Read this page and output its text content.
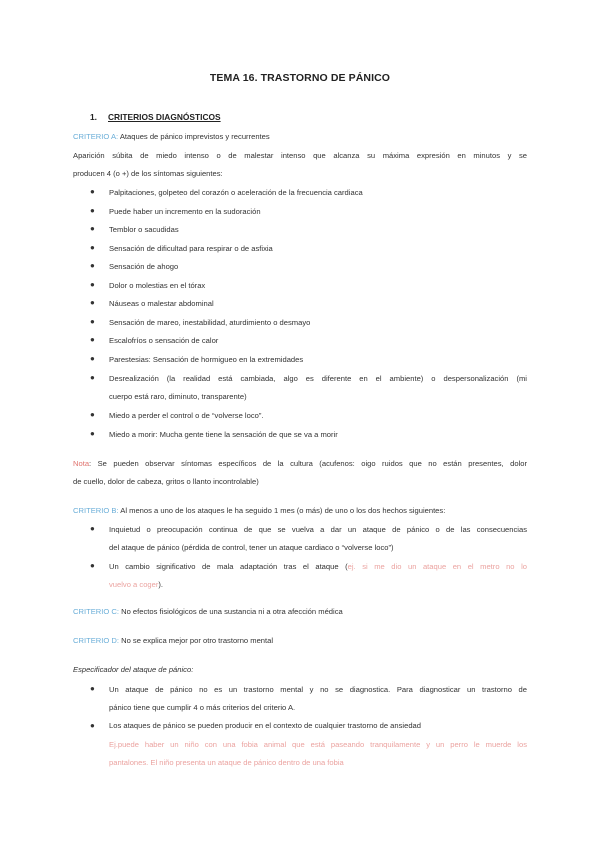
TEMA 16. TRASTORNO DE PÁNICO
1. CRITERIOS DIAGNÓSTICOS
CRITERIO A: Ataques de pánico imprevistos y recurrentes
Aparición súbita de miedo intenso o de malestar intenso que alcanza su máxima expresión en minutos y se
producen 4 (o +) de los síntomas siguientes:
● Palpitaciones, golpeteo del corazón o aceleración de la frecuencia cardiaca
● Puede haber un incremento en la sudoración
● Temblor o sacudidas
● Sensación de dificultad para respirar o de asfixia
● Sensación de ahogo
● Dolor o molestias en el tórax
● Náuseas o malestar abdominal
● Sensación de mareo, inestabilidad, aturdimiento o desmayo
● Escalofríos o sensación de calor
● Parestesias: Sensación de hormigueo en la extremidades
● Desrealización (la realidad está cambiada, algo es diferente en el ambiente) o despersonalización (mi
cuerpo está raro, diminuto, transparente)
● Miedo a perder el control o de “volverse loco”.
● Miedo a morir: Mucha gente tiene la sensación de que se va a morir
Nota: Se pueden observar síntomas específicos de la cultura (acufenos: oigo ruidos que no están presentes, dolor
de cuello, dolor de cabeza, gritos o llanto incontrolable)
CRITERIO B: Al menos a uno de los ataques le ha seguido 1 mes (o más) de uno o los dos hechos siguientes:
● Inquietud o preocupación continua de que se vuelva a dar un ataque de pánico o de las consecuencias
del ataque de pánico (pérdida de control, tener un ataque cardiaco o “volverse loco”)
● Un cambio significativo de mala adaptación tras el ataque (ej. si me dio un ataque en el metro no lo
vuelvo a coger).
CRITERIO C: No efectos fisiológicos de una sustancia ni a otra afección médica
CRITERIO D: No se explica mejor por otro trastorno mental
Especificador del ataque de pánico:
● Un ataque de pánico no es un trastorno mental y no se diagnostica. Para diagnosticar un trastorno de
pánico tiene que cumplir 4 o más criterios del criterio A.
● Los ataques de pánico se pueden producir en el contexto de cualquier trastorno de ansiedad
Ej.puede haber un niño con una fobia animal que está paseando tranquilamente y un perro le muerde los
pantalones. El niño presenta un ataque de pánico dentro de una fobia
